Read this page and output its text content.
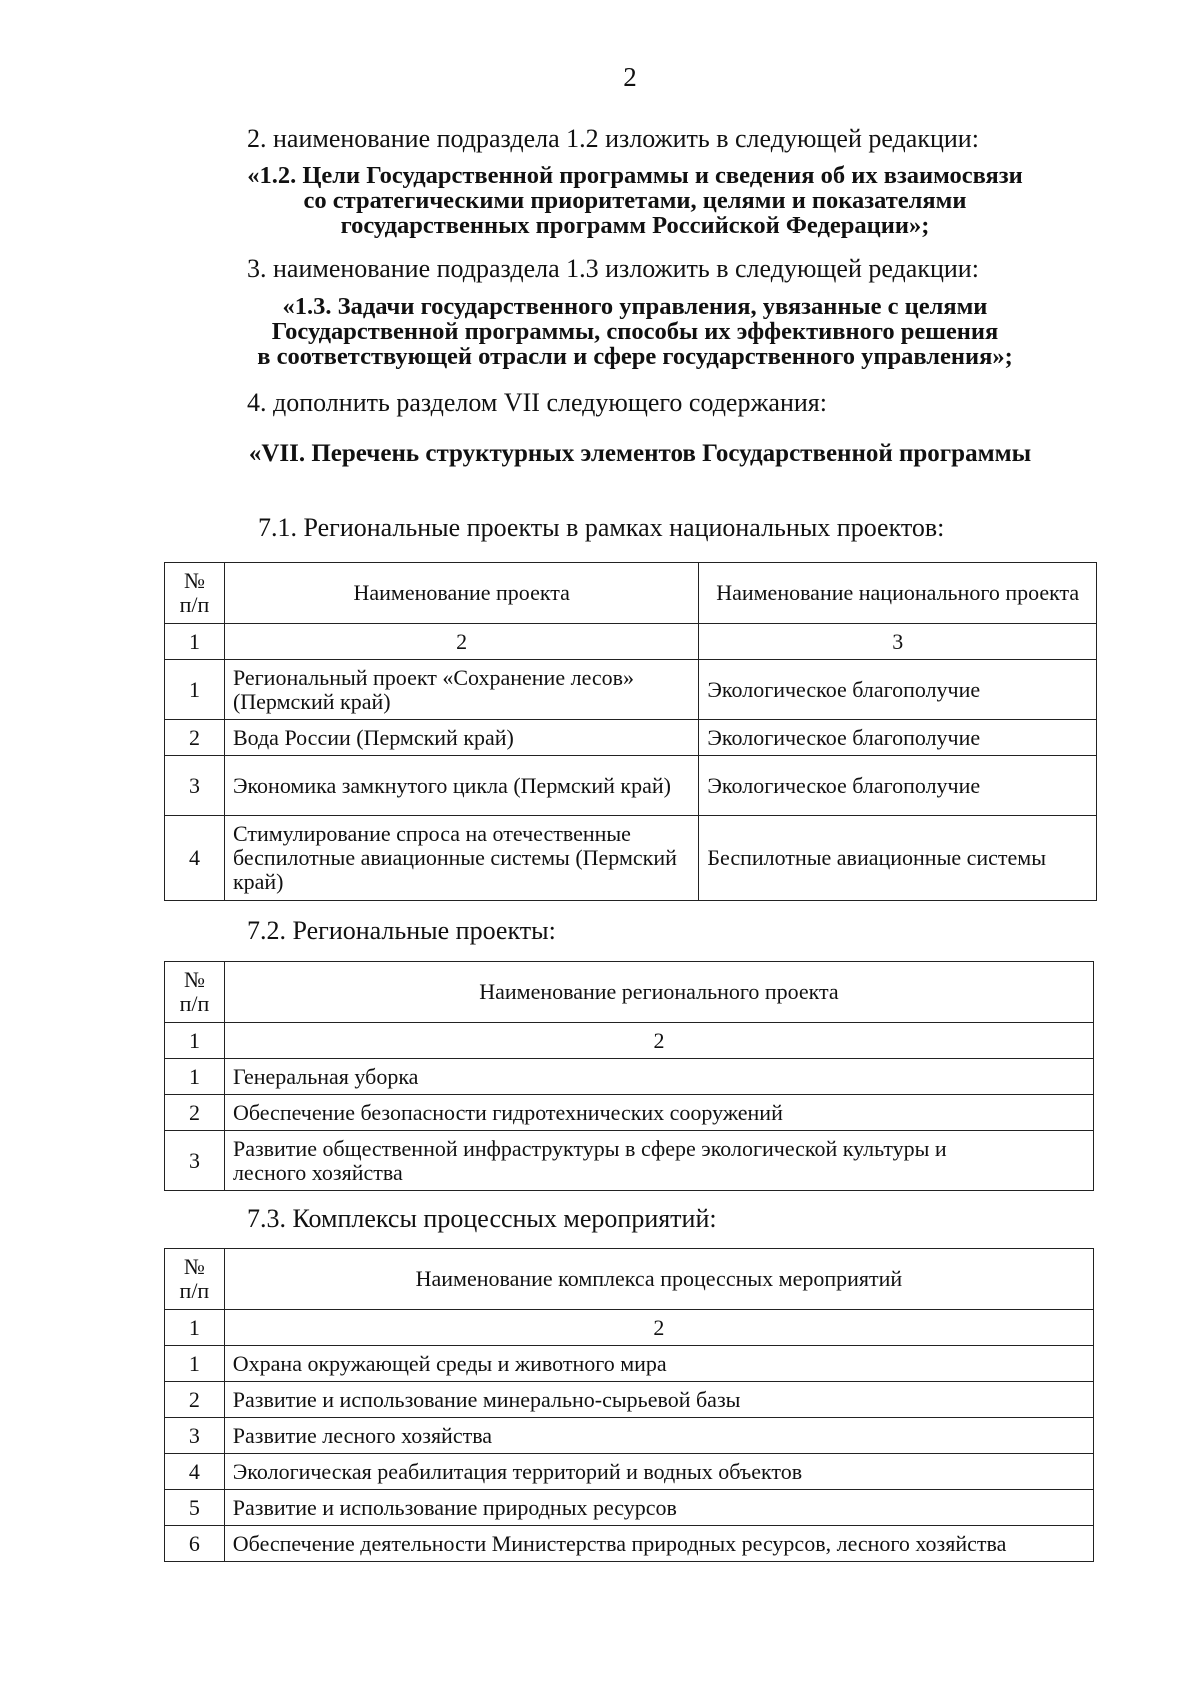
2
2. наименование подраздела 1.2 изложить в следующей редакции:
«1.2. Цели Государственной программы и сведения об их взаимосвязи
со стратегическими приоритетами, целями и показателями
государственных программ Российской Федерации»;
3. наименование подраздела 1.3 изложить в следующей редакции:
«1.3. Задачи государственного управления, увязанные с целями
Государственной программы, способы их эффективного решения
в соответствующей отрасли и сфере государственного управления»;
4. дополнить разделом VII следующего содержания:
«VII. Перечень структурных элементов Государственной программы
7.1. Региональные проекты в рамках национальных проектов:
№ п/п	Наименование проекта	Наименование национального проекта
1	2	3
1	Региональный проект «Сохранение лесов» (Пермский край)	Экологическое благополучие
2	Вода России (Пермский край)	Экологическое благополучие
3	Экономика замкнутого цикла (Пермский край)	Экологическое благополучие
4	Стимулирование спроса на отечественные беспилотные авиационные системы (Пермский край)	Беспилотные авиационные системы
7.2. Региональные проекты:
№ п/п	Наименование регионального проекта
1	2
1	Генеральная уборка
2	Обеспечение безопасности гидротехнических сооружений
3	Развитие общественной инфраструктуры в сфере экологической культуры и лесного хозяйства
7.3. Комплексы процессных мероприятий:
№ п/п	Наименование комплекса процессных мероприятий
1	2
1	Охрана окружающей среды и животного мира
2	Развитие и использование минерально-сырьевой базы
3	Развитие лесного хозяйства
4	Экологическая реабилитация территорий и водных объектов
5	Развитие и использование природных ресурсов
6	Обеспечение деятельности Министерства природных ресурсов, лесного хозяйства
